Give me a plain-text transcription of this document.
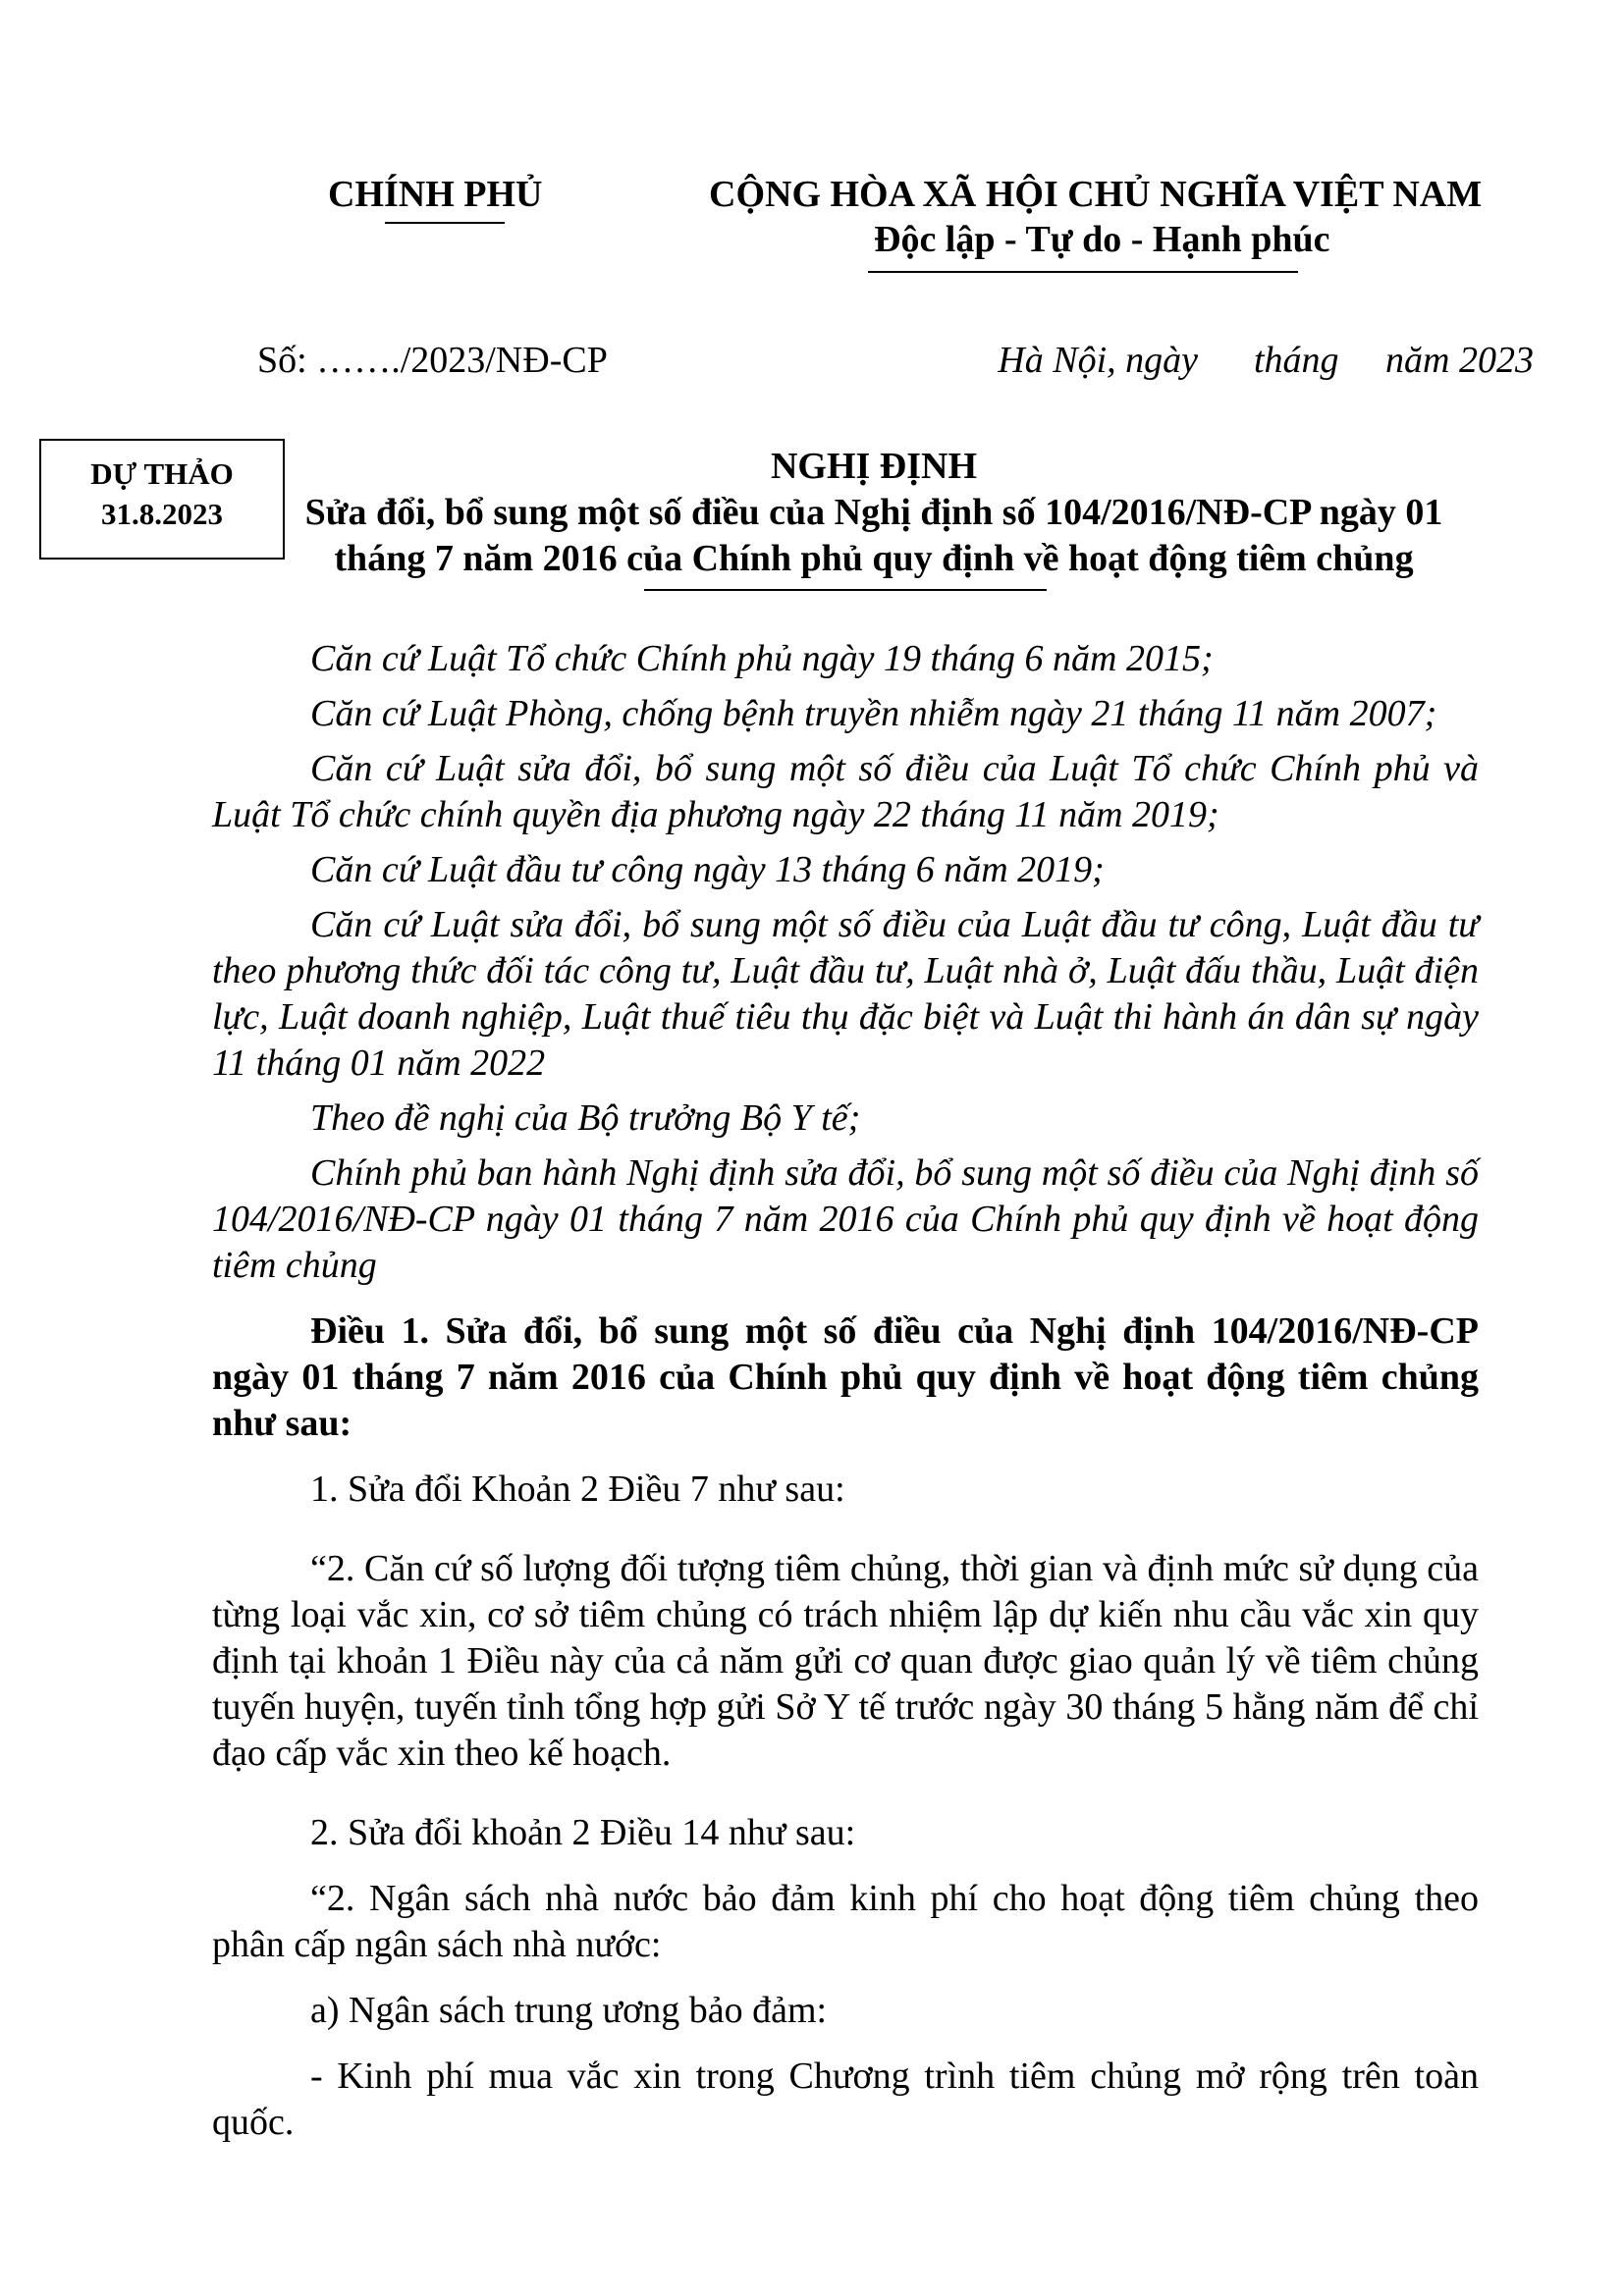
CHÍNH PHỦ	CỘNG HÒA XÃ HỘI CHỦ NGHĨA VIỆT NAM
Độc lập - Tự do - Hạnh phúc
Số: ……./2023/NĐ-CP	Hà Nội, ngày      tháng     năm 2023
DỰ THẢO
31.8.2023
NGHỊ ĐỊNH
Sửa đổi, bổ sung một số điều của Nghị định số 104/2016/NĐ-CP ngày 01
tháng 7 năm 2016 của Chính phủ quy định về hoạt động tiêm chủng

Căn cứ Luật Tổ chức Chính phủ ngày 19 tháng 6 năm 2015;

Căn cứ Luật Phòng, chống bệnh truyền nhiễm ngày 21 tháng 11 năm 2007;

Căn cứ Luật sửa đổi, bổ sung một số điều của Luật Tổ chức Chính phủ và Luật Tổ chức chính quyền địa phương ngày 22 tháng 11 năm 2019;

Căn cứ Luật đầu tư công ngày 13 tháng 6 năm 2019;

Căn cứ Luật sửa đổi, bổ sung một số điều của Luật đầu tư công, Luật đầu tư theo phương thức đối tác công tư, Luật đầu tư, Luật nhà ở, Luật đấu thầu, Luật điện lực, Luật doanh nghiệp, Luật thuế tiêu thụ đặc biệt và Luật thi hành án dân sự ngày 11 tháng 01 năm 2022

Theo đề nghị của Bộ trưởng Bộ Y tế;

Chính phủ ban hành Nghị định sửa đổi, bổ sung một số điều của Nghị định số 104/2016/NĐ-CP ngày 01 tháng 7 năm 2016 của Chính phủ quy định về hoạt động tiêm chủng

Điều 1. Sửa đổi, bổ sung một số điều của Nghị định 104/2016/NĐ-CP ngày 01 tháng 7 năm 2016 của Chính phủ quy định về hoạt động tiêm chủng như sau:

1. Sửa đổi Khoản 2 Điều 7 như sau:

“2. Căn cứ số lượng đối tượng tiêm chủng, thời gian và định mức sử dụng của từng loại vắc xin, cơ sở tiêm chủng có trách nhiệm lập dự kiến nhu cầu vắc xin quy định tại khoản 1 Điều này của cả năm gửi cơ quan được giao quản lý về tiêm chủng tuyến huyện, tuyến tỉnh tổng hợp gửi Sở Y tế trước ngày 30 tháng 5 hằng năm để chỉ đạo cấp vắc xin theo kế hoạch.

2. Sửa đổi khoản 2 Điều 14 như sau:

“2. Ngân sách nhà nước bảo đảm kinh phí cho hoạt động tiêm chủng theo phân cấp ngân sách nhà nước:

a) Ngân sách trung ương bảo đảm:

- Kinh phí mua vắc xin trong Chương trình tiêm chủng mở rộng trên toàn quốc.
